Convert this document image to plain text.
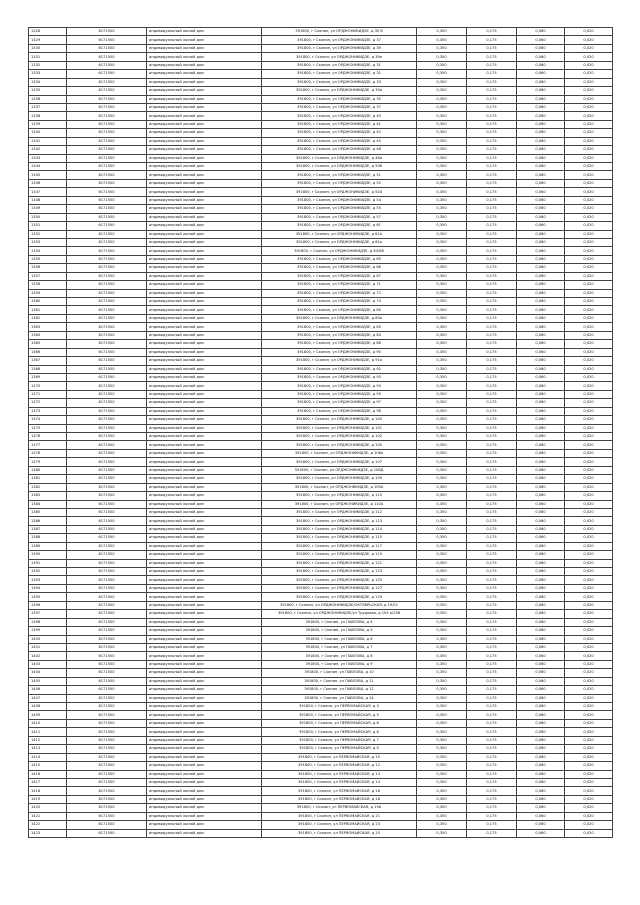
1328	6171500	индивидуальный жилой дом	391800, г Скопин, ул ОРДЖОНИКИДЗЕ, д 35 б	0,350	0,175	0,060	0,020
1329	6171500	индивидуальный жилой дом	391800, г Скопин, ул ОРДЖОНИКИДЗЕ, д 37	0,350	0,175	0,060	0,020
1330	6171500	индивидуальный жилой дом	391800, г Скопин, ул ОРДЖОНИКИДЗЕ, д 39	0,350	0,175	0,060	0,020
1331	6171500	индивидуальный жилой дом	391800, г Скопин, ул ОРДЖОНИКИДЗЕ, д 39а	0,350	0,175	0,060	0,020
1332	6171500	индивидуальный жилой дом	391800, г Скопин, ул ОРДЖОНИКИДЗЕ, д 31	0,350	0,175	0,060	0,020
1333	6171500	индивидуальный жилой дом	391800, г Скопин, ул ОРДЖОНИКИДЗЕ, д 32	0,350	0,175	0,060	0,020
1334	6171500	индивидуальный жилой дом	391800, г Скопин, ул ОРДЖОНИКИДЗЕ, д 33	0,350	0,175	0,060	0,020
1335	6171500	индивидуальный жилой дом	391800, г Скопин, ул ОРДЖОНИКИДЗЕ, д 33а	0,350	0,175	0,060	0,020
1336	6171500	индивидуальный жилой дом	391800, г Скопин, ул ОРДЖОНИКИДЗЕ, д 35	0,350	0,175	0,060	0,020
1337	6171500	индивидуальный жилой дом	391800, г Скопин, ул ОРДЖОНИКИДЗЕ, д 37	0,350	0,175	0,060	0,020
1338	6171500	индивидуальный жилой дом	391800, г Скопин, ул ОРДЖОНИКИДЗЕ, д 40	0,350	0,175	0,060	0,020
1339	6171500	индивидуальный жилой дом	391800, г Скопин, ул ОРДЖОНИКИДЗЕ, д 41	0,350	0,175	0,060	0,020
1340	6171500	индивидуальный жилой дом	391800, г Скопин, ул ОРДЖОНИКИДЗЕ, д 42	0,350	0,175	0,060	0,020
1341	6171500	индивидуальный жилой дом	391800, г Скопин, ул ОРДЖОНИКИДЗЕ, д 45	0,350	0,175	0,060	0,020
1342	6171500	индивидуальный жилой дом	391800, г Скопин, ул ОРДЖОНИКИДЗЕ, д 46	0,350	0,175	0,060	0,020
1343	6171500	индивидуальный жилой дом	391800, г Скопин, ул ОРДЖОНИКИДЗЕ, д 48а	0,350	0,175	0,060	0,020
1344	6171500	индивидуальный жилой дом	391800, г Скопин, ул ОРДЖОНИКИДЗЕ, д 50б	0,350	0,175	0,060	0,020
1345	6171500	индивидуальный жилой дом	391800, г Скопин, ул ОРДЖОНИКИДЗЕ, д 51	0,350	0,175	0,060	0,020
1346	6171500	индивидуальный жилой дом	391800, г Скопин, ул ОРДЖОНИКИДЗЕ, д 52	0,350	0,175	0,060	0,020
1347	6171500	индивидуальный жилой дом	391800, г Скопин, ул ОРДЖОНИКИДЗЕ, д 52А	0,350	0,175	0,060	0,020
1348	6171500	индивидуальный жилой дом	391800, г Скопин, ул ОРДЖОНИКИДЗЕ, д 54	0,350	0,175	0,060	0,020
1349	6171500	индивидуальный жилой дом	391800, г Скопин, ул ОРДЖОНИКИДЗЕ, д 55	0,350	0,175	0,060	0,020
1350	6171500	индивидуальный жилой дом	391800, г Скопин, ул ОРДЖОНИКИДЗЕ, д 57	0,350	0,175	0,060	0,020
1351	6171500	индивидуальный жилой дом	391800, г Скопин, ул ОРДЖОНИКИДЗЕ, д 61	0,350	0,175	0,060	0,020
1352	6171500	индивидуальный жилой дом	391800, г Скопин, ул ОРДЖОНИКИДЗЕ, д 61А	0,350	0,175	0,060	0,020
1353	6171500	индивидуальный жилой дом	391800, г Скопин, ул ОРДЖОНИКИДЗЕ, д 61а	0,350	0,175	0,060	0,020
1354	6171500	индивидуальный жилой дом	391800, г Скопин, ул ОРДЖОНИКИДЗЕ, д 63/68	0,350	0,175	0,060	0,020
1355	6171500	индивидуальный жилой дом	391800, г Скопин, ул ОРДЖОНИКИДЗЕ, д 65	0,350	0,175	0,060	0,020
1356	6171500	индивидуальный жилой дом	391800, г Скопин, ул ОРДЖОНИКИДЗЕ, д 66	0,350	0,175	0,060	0,020
1357	6171500	индивидуальный жилой дом	391800, г Скопин, ул ОРДЖОНИКИДЗЕ, д 67	0,350	0,175	0,060	0,020
1358	6171500	индивидуальный жилой дом	391800, г Скопин, ул ОРДЖОНИКИДЗЕ, д 71	0,350	0,175	0,060	0,020
1359	6171500	индивидуальный жилой дом	391800, г Скопин, ул ОРДЖОНИКИДЗЕ, д 72	0,350	0,175	0,060	0,020
1360	6171500	индивидуальный жилой дом	391800, г Скопин, ул ОРДЖОНИКИДЗЕ, д 74	0,350	0,175	0,060	0,020
1361	6171500	индивидуальный жилой дом	391800, г Скопин, ул ОРДЖОНИКИДЗЕ, д 80	0,350	0,175	0,060	0,020
1362	6171500	индивидуальный жилой дом	391800, г Скопин, ул ОРДЖОНИКИДЗЕ, д 83а	0,350	0,175	0,060	0,020
1363	6171500	индивидуальный жилой дом	391800, г Скопин, ул ОРДЖОНИКИДЗЕ, д 85	0,350	0,175	0,060	0,020
1364	6171500	индивидуальный жилой дом	391800, г Скопин, ул ОРДЖОНИКИДЗЕ, д 84	0,350	0,175	0,060	0,020
1365	6171500	индивидуальный жилой дом	391800, г Скопин, ул ОРДЖОНИКИДЗЕ, д 88	0,350	0,175	0,060	0,020
1366	6171500	индивидуальный жилой дом	391800, г Скопин, ул ОРДЖОНИКИДЗЕ, д 90	0,350	0,175	0,060	0,020
1367	6171500	индивидуальный жилой дом	391800, г Скопин, ул ОРДЖОНИКИДЗЕ, д 91а	0,350	0,175	0,060	0,020
1368	6171500	индивидуальный жилой дом	391800, г Скопин, ул ОРДЖОНИКИДЗЕ, д 92	0,350	0,175	0,060	0,020
1369	6171500	индивидуальный жилой дом	391800, г Скопин, ул ОРДЖОНИКИДЗЕ, д 93	0,350	0,175	0,060	0,020
1370	6171500	индивидуальный жилой дом	391800, г Скопин, ул ОРДЖОНИКИДЗЕ, д 94	0,350	0,175	0,060	0,020
1371	6171500	индивидуальный жилой дом	391800, г Скопин, ул ОРДЖОНИКИДЗЕ, д 95	0,350	0,175	0,060	0,020
1372	6171500	индивидуальный жилой дом	391800, г Скопин, ул ОРДЖОНИКИДЗЕ, д 97	0,350	0,175	0,060	0,020
1373	6171500	индивидуальный жилой дом	391800, г Скопин, ул ОРДЖОНИКИДЗЕ, д 98	0,350	0,175	0,060	0,020
1374	6171500	индивидуальный жилой дом	391800, г Скопин, ул ОРДЖОНИКИДЗЕ, д 100	0,350	0,175	0,060	0,020
1375	6171500	индивидуальный жилой дом	391800, г Скопин, ул ОРДЖОНИКИДЗЕ, д 101	0,350	0,175	0,060	0,020
1376	6171500	индивидуальный жилой дом	391800, г Скопин, ул ОРДЖОНИКИДЗЕ, д 102	0,350	0,175	0,060	0,020
1377	6171500	индивидуальный жилой дом	391800, г Скопин, ул ОРДЖОНИКИДЗЕ, д 105	0,350	0,175	0,060	0,020
1378	6171500	индивидуальный жилой дом	391800, г Скопин, ул ОРДЖОНИКИДЗЕ, д 106а	0,350	0,175	0,060	0,020
1379	6171500	индивидуальный жилой дом	391800, г Скопин, ул ОРДЖОНИКИДЗЕ, д 107	0,350	0,175	0,060	0,020
1380	6171500	индивидуальный жилой дом	391800, г Скопин, ул ОРДЖОНИКИДЗЕ, д 108Д	0,350	0,175	0,060	0,020
1381	6171500	индивидуальный жилой дом	391800, г Скопин, ул ОРДЖОНИКИДЗЕ, д 109	0,350	0,175	0,060	0,020
1382	6171500	индивидуальный жилой дом	391800, г Скопин, ул ОРДЖОНИКИДЗЕ, д 109А	0,350	0,175	0,060	0,020
1383	6171500	индивидуальный жилой дом	391800, г Скопин, ул ОРДЖОНИКИДЗЕ, д 110	0,350	0,175	0,060	0,020
1384	6171500	индивидуальный жилой дом	391800, г Скопин, ул ОРДЖОНИКИДЗЕ, д 110А	0,350	0,175	0,060	0,020
1385	6171500	индивидуальный жилой дом	391800, г Скопин, ул ОРДЖОНИКИДЗЕ, д 112	0,350	0,175	0,060	0,020
1386	6171500	индивидуальный жилой дом	391800, г Скопин, ул ОРДЖОНИКИДЗЕ, д 113	0,350	0,175	0,060	0,020
1387	6171500	индивидуальный жилой дом	391800, г Скопин, ул ОРДЖОНИКИДЗЕ, д 114	0,350	0,175	0,060	0,020
1388	6171500	индивидуальный жилой дом	391800, г Скопин, ул ОРДЖОНИКИДЗЕ, д 115	0,350	0,175	0,060	0,020
1389	6171500	индивидуальный жилой дом	391800, г Скопин, ул ОРДЖОНИКИДЗЕ, д 117	0,350	0,175	0,060	0,020
1390	6171500	индивидуальный жилой дом	391800, г Скопин, ул ОРДЖОНИКИДЗЕ, д 119	0,350	0,175	0,060	0,020
1391	6171500	индивидуальный жилой дом	391800, г Скопин, ул ОРДЖОНИКИДЗЕ, д 121	0,350	0,175	0,060	0,020
1392	6171500	индивидуальный жилой дом	391800, г Скопин, ул ОРДЖОНИКИДЗЕ, д 123	0,350	0,175	0,060	0,020
1393	6171500	индивидуальный жилой дом	391800, г Скопин, ул ОРДЖОНИКИДЗЕ, д 125	0,350	0,175	0,060	0,020
1394	6171500	индивидуальный жилой дом	391800, г Скопин, ул ОРДЖОНИКИДЗЕ, д 127	0,350	0,175	0,060	0,020
1395	6171500	индивидуальный жилой дом	391800, г Скопин, ул ОРДЖОНИКИДЗЕ, д 129	0,350	0,175	0,060	0,020
1396	6171500	индивидуальный жилой дом	391800, г Скопин, ул ОРДЖОНИКИДЗЕ/ОКТЯБРЬСКАЯ, д 19/51	0,350	0,175	0,060	0,020
1397	6171500	индивидуальный жилой дом	391800, г Скопин, ул ОРДЖОНИКИДЗЕ/ул Трудовая, д 104 а/106	0,350	0,175	0,060	0,020
1398	6171500	индивидуальный жилой дом	391800, г Скопин, ул ПАВЛОВА, д 4	0,350	0,175	0,060	0,020
1399	6171500	индивидуальный жилой дом	391800, г Скопин, ул ПАВЛОВА, д 5	0,350	0,175	0,060	0,020
1400	6171500	индивидуальный жилой дом	391800, г Скопин, ул ПАВЛОВА, д 6	0,350	0,175	0,060	0,020
1401	6171500	индивидуальный жилой дом	391800, г Скопин, ул ПАВЛОВА, д 7	0,350	0,175	0,060	0,020
1402	6171500	индивидуальный жилой дом	391800, г Скопин, ул ПАВЛОВА, д 8	0,350	0,175	0,060	0,020
1403	6171500	индивидуальный жилой дом	391800, г Скопин, ул ПАВЛОВА, д 9	0,350	0,175	0,060	0,020
1404	6171500	индивидуальный жилой дом	391800, г Скопин, ул ПАВЛОВА, д 10	0,350	0,175	0,060	0,020
1405	6171500	индивидуальный жилой дом	391800, г Скопин, ул ПАВЛОВА, д 11	0,350	0,175	0,060	0,020
1406	6171500	индивидуальный жилой дом	391800, г Скопин, ул ПАВЛОВА, д 12	0,350	0,175	0,060	0,020
1407	6171500	индивидуальный жилой дом	391800, г Скопин, ул ПАВЛОВА, д 14	0,350	0,175	0,060	0,020
1408	6171500	индивидуальный жилой дом	391800, г Скопин, ул ПЕРВОМАЙСКАЯ, д 3	0,350	0,175	0,060	0,020
1409	6171500	индивидуальный жилой дом	391800, г Скопин, ул ПЕРВОМАЙСКАЯ, д 5	0,350	0,175	0,060	0,020
1410	6171500	индивидуальный жилой дом	391800, г Скопин, ул ПЕРВОМАЙСКАЯ, д 6	0,350	0,175	0,060	0,020
1411	6171500	индивидуальный жилой дом	391800, г Скопин, ул ПЕРВОМАЙСКАЯ, д 8	0,350	0,175	0,060	0,020
1412	6171500	индивидуальный жилой дом	391800, г Скопин, ул ПЕРВОМАЙСКАЯ, д 7	0,350	0,175	0,060	0,020
1413	6171500	индивидуальный жилой дом	391800, г Скопин, ул ПЕРВОМАЙСКАЯ, д 9	0,350	0,175	0,060	0,020
1414	6171500	индивидуальный жилой дом	391800, г Скопин, ул ПЕРВОМАЙСКАЯ, д 10	0,350	0,175	0,060	0,020
1415	6171500	индивидуальный жилой дом	391800, г Скопин, ул ПЕРВОМАЙСКАЯ, д 12	0,350	0,175	0,060	0,020
1416	6171500	индивидуальный жилой дом	391800, г Скопин, ул ПЕРВОМАЙСКАЯ, д 13	0,350	0,175	0,060	0,020
1417	6171500	индивидуальный жилой дом	391800, г Скопин, ул ПЕРВОМАЙСКАЯ, д 14	0,350	0,175	0,060	0,020
1418	6171500	индивидуальный жилой дом	391800, г Скопин, ул ПЕРВОМАЙСКАЯ, д 16	0,350	0,175	0,060	0,020
1419	6171500	индивидуальный жилой дом	391800, г Скопин, ул ПЕРВОМАЙСКАЯ, д 18	0,350	0,175	0,060	0,020
1420	6171500	индивидуальный жилой дом	391800, г Скопин, ул ПЕРВОМАЙСКАЯ, д 19А	0,350	0,175	0,060	0,020
1421	6171500	индивидуальный жилой дом	391800, г Скопин, ул ПЕРВОМАЙСКАЯ, д 21	0,350	0,175	0,060	0,020
1422	6171500	индивидуальный жилой дом	391800, г Скопин, ул ПЕРВОМАЙСКАЯ, д 23	0,350	0,175	0,060	0,020
1423	6171500	индивидуальный жилой дом	391800, г Скопин, ул ПЕРВОМАЙСКАЯ, д 25	0,350	0,175	0,060	0,020
